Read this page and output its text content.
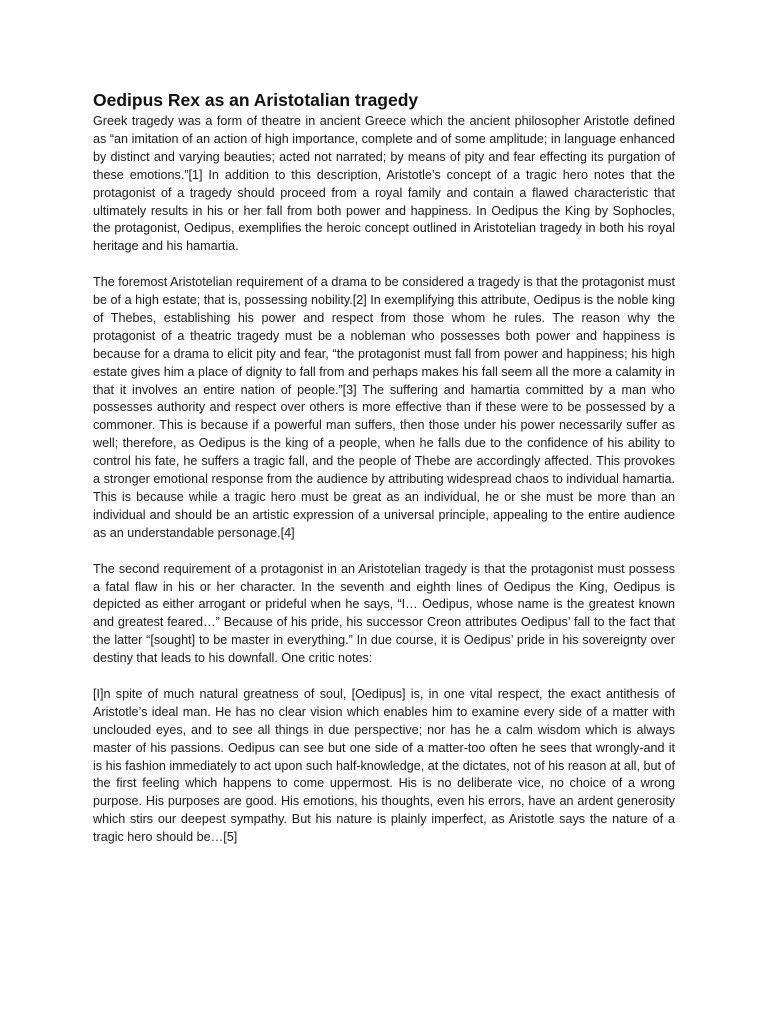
Oedipus Rex as an Aristotalian tragedy

Greek tragedy was a form of theatre in ancient Greece which the ancient philosopher Aristotle defined as “an imitation of an action of high importance, complete and of some amplitude; in language enhanced by distinct and varying beauties; acted not narrated; by means of pity and fear effecting its purgation of these emotions.”[1] In addition to this description, Aristotle’s concept of a tragic hero notes that the protagonist of a tragedy should proceed from a royal family and contain a flawed characteristic that ultimately results in his or her fall from both power and happiness. In Oedipus the King by Sophocles, the protagonist, Oedipus, exemplifies the heroic concept outlined in Aristotelian tragedy in both his royal heritage and his hamartia.

The foremost Aristotelian requirement of a drama to be considered a tragedy is that the protagonist must be of a high estate; that is, possessing nobility.[2] In exemplifying this attribute, Oedipus is the noble king of Thebes, establishing his power and respect from those whom he rules. The reason why the protagonist of a theatric tragedy must be a nobleman who possesses both power and happiness is because for a drama to elicit pity and fear, “the protagonist must fall from power and happiness; his high estate gives him a place of dignity to fall from and perhaps makes his fall seem all the more a calamity in that it involves an entire nation of people.”[3] The suffering and hamartia committed by a man who possesses authority and respect over others is more effective than if these were to be possessed by a commoner. This is because if a powerful man suffers, then those under his power necessarily suffer as well; therefore, as Oedipus is the king of a people, when he falls due to the confidence of his ability to control his fate, he suffers a tragic fall, and the people of Thebe are accordingly affected. This provokes a stronger emotional response from the audience by attributing widespread chaos to individual hamartia. This is because while a tragic hero must be great as an individual, he or she must be more than an individual and should be an artistic expression of a universal principle, appealing to the entire audience as an understandable personage.[4]

The second requirement of a protagonist in an Aristotelian tragedy is that the protagonist must possess a fatal flaw in his or her character. In the seventh and eighth lines of Oedipus the King, Oedipus is depicted as either arrogant or prideful when he says, “I… Oedipus, whose name is the greatest known and greatest feared…” Because of his pride, his successor Creon attributes Oedipus’ fall to the fact that the latter “[sought] to be master in everything.” In due course, it is Oedipus’ pride in his sovereignty over destiny that leads to his downfall. One critic notes:

[I]n spite of much natural greatness of soul, [Oedipus] is, in one vital respect, the exact antithesis of Aristotle’s ideal man. He has no clear vision which enables him to examine every side of a matter with unclouded eyes, and to see all things in due perspective; nor has he a calm wisdom which is always master of his passions. Oedipus can see but one side of a matter-too often he sees that wrongly-and it is his fashion immediately to act upon such half-knowledge, at the dictates, not of his reason at all, but of the first feeling which happens to come uppermost. His is no deliberate vice, no choice of a wrong purpose. His purposes are good. His emotions, his thoughts, even his errors, have an ardent generosity which stirs our deepest sympathy. But his nature is plainly imperfect, as Aristotle says the nature of a tragic hero should be…[5]
